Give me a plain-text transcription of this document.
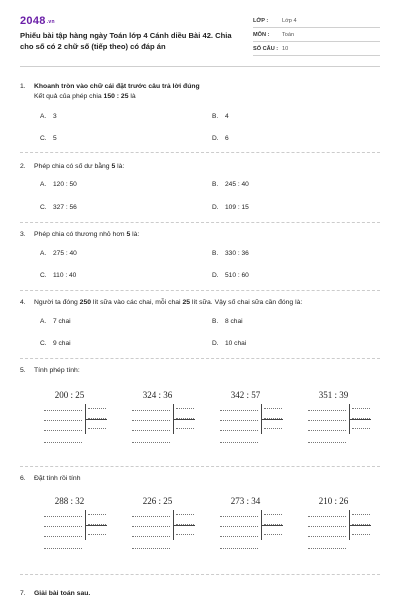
2048.vn
Phiếu bài tập hàng ngày Toán lớp 4 Cánh diều Bài 42. Chia cho số có 2 chữ số (tiếp theo) có đáp án
LỚP :	Lớp 4
MÔN :	Toán
SỐ CÂU : 10
1.	Khoanh tròn vào chữ cái đặt trước câu trả lời đúng
Kết quả của phép chia 150 : 25 là
A.	3	B.	4
C. 5	D. 6
2.	Phép chia có số dư bằng 5 là:
A.	120 : 50	B.	245 : 40
C. 327 : 56	D. 109 : 15
3.	Phép chia có thương nhỏ hơn 5 là:
A.	275 : 40	B.	330 : 36
C. 110 : 40	D. 510 : 60
4.	Người ta đóng 250 lít sữa vào các chai, mỗi chai 25 lít sữa. Vậy số chai sữa cần đóng là:
A.	7 chai	B.	8 chai
C. 9 chai	D. 10 chai
5.	Tính phép tính:
200 : 25	324 : 36	342 : 57	351 : 39
6.	Đặt tính rồi tính
288 : 32	226 : 25	273 : 34	210 : 26
7.	Giải bài toán sau.
